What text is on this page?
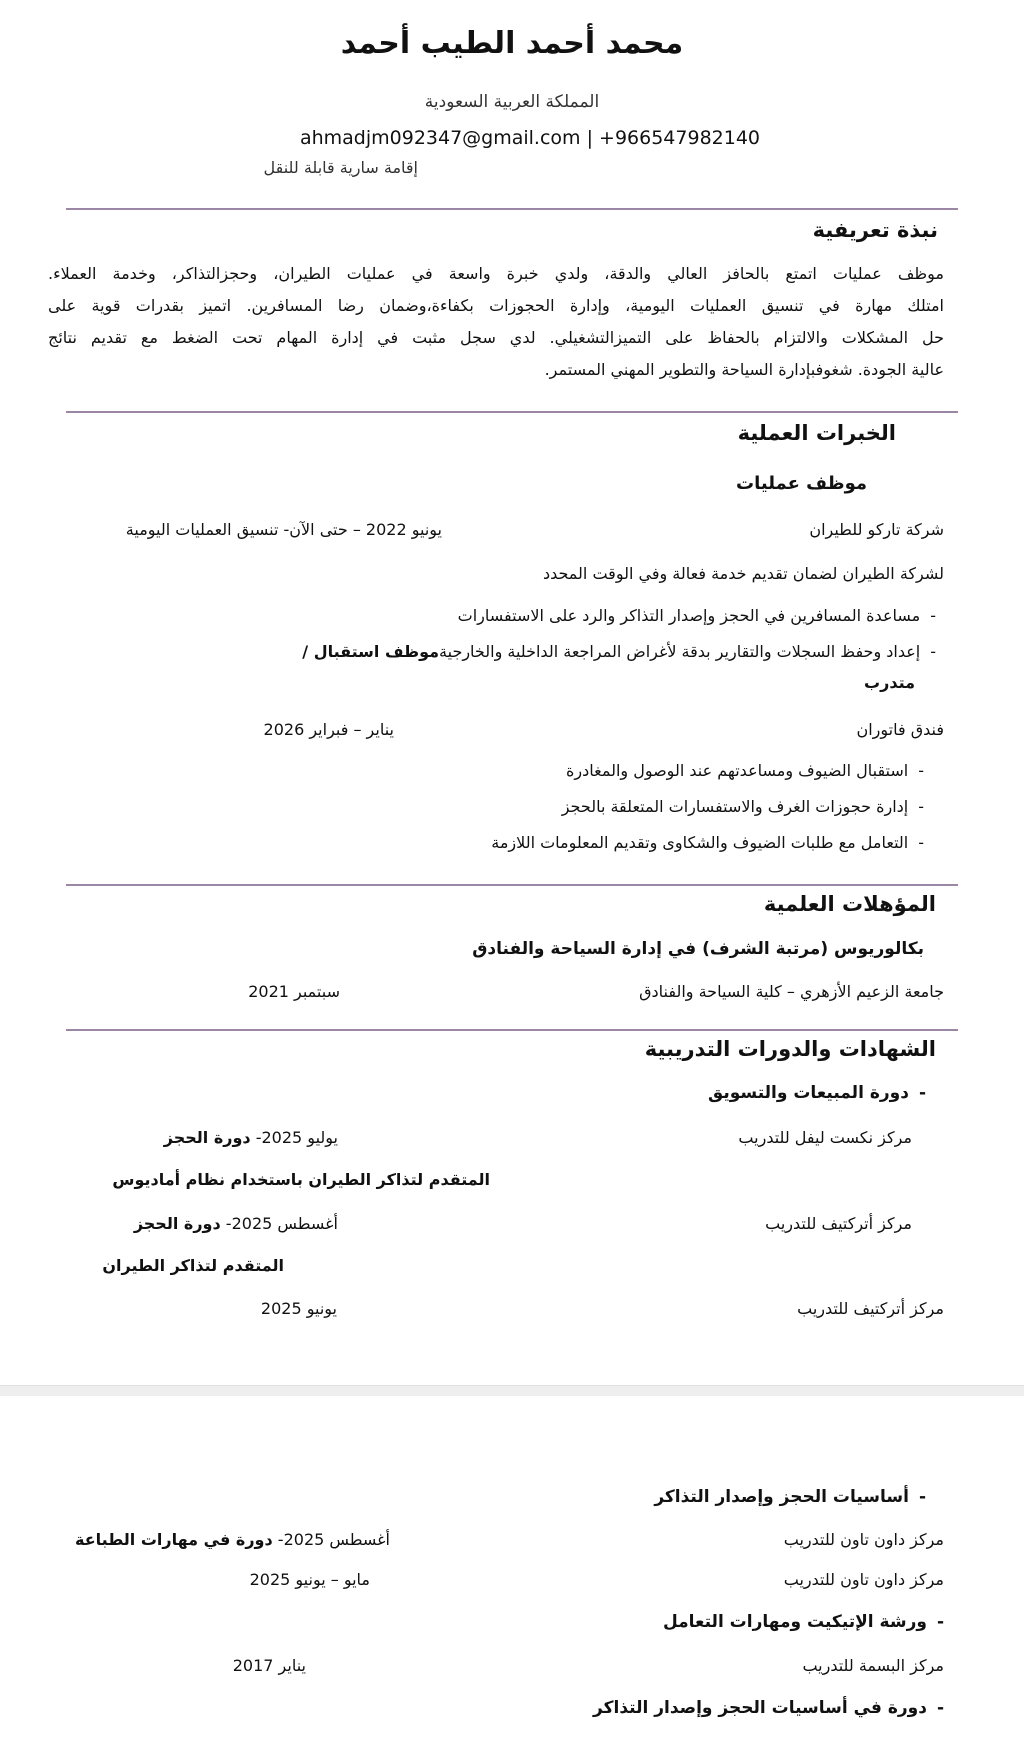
محمد أحمد الطيب أحمد
المملكة العربية السعودية
ahmadjm092347@gmail.com | +966547982140
إقامة سارية قابلة للنقل
نبذة تعريفية
موظف عمليات اتمتع بالحافز العالي والدقة، ولدي خبرة واسعة في عمليات الطيران، وحجزالتذاكر، وخدمة العملاء.
امتلك مهارة في تنسيق العمليات اليومية، وإدارة الحجوزات بكفاءة،وضمان رضا المسافرين. اتميز بقدرات قوية على
حل المشكلات والالتزام بالحفاظ على التميزالتشغيلي. لدي سجل مثبت في إدارة المهام تحت الضغط مع تقديم نتائج
عالية الجودة. شغوفبإدارة السياحة والتطوير المهني المستمر.
الخبرات العملية
موظف عمليات
شركة تاركو للطيران
يونيو 2022 – حتى الآن- تنسيق العمليات اليومية
لشركة الطيران لضمان تقديم خدمة فعالة وفي الوقت المحدد
-مساعدة المسافرين في الحجز وإصدار التذاكر والرد على الاستفسارات
-إعداد وحفظ السجلات والتقارير بدقة لأغراض المراجعة الداخلية والخارجيةموظف استقبال /
متدرب
فندق فاتوران
يناير – فبراير 2026
-استقبال الضيوف ومساعدتهم عند الوصول والمغادرة
-إدارة حجوزات الغرف والاستفسارات المتعلقة بالحجز
-التعامل مع طلبات الضيوف والشكاوى وتقديم المعلومات اللازمة
المؤهلات العلمية
بكالوريوس (مرتبة الشرف) في إدارة السياحة والفنادق
جامعة الزعيم الأزهري – كلية السياحة والفنادق
سبتمبر 2021
الشهادات والدورات التدريبية
-دورة المبيعات والتسويق
مركز نكست ليفل للتدريب
يوليو 2025- دورة الحجز
المتقدم لتذاكر الطيران باستخدام نظام أماديوس
مركز أتركتيف للتدريب
أغسطس 2025- دورة الحجز
المتقدم لتذاكر الطيران
مركز أتركتيف للتدريب
يونيو 2025
-أساسيات الحجز وإصدار التذاكر
مركز داون تاون للتدريب
أغسطس 2025- دورة في مهارات الطباعة
مركز داون تاون للتدريب
مايو – يونيو 2025
-ورشة الإتيكيت ومهارات التعامل
مركز البسمة للتدريب
يناير 2017
-دورة في أساسيات الحجز وإصدار التذاكر
